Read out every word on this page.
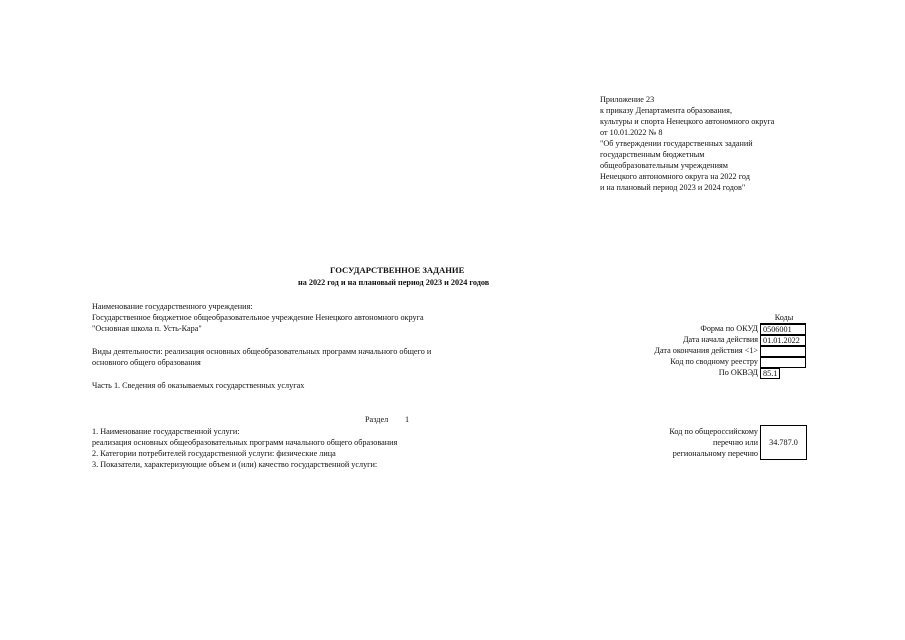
Приложение 23
к приказу Департамента образования,
культуры и спорта Ненецкого автономного округа
от 10.01.2022 № 8
"Об утверждении государственных заданий
государственным бюджетным
общеобразовательным учреждениям
Ненецкого автономного округа на 2022 год
и на плановый период 2023 и 2024 годов"
ГОСУДАРСТВЕННОЕ ЗАДАНИЕ
на 2022 год и на плановый период 2023 и 2024 годов
Наименование государственного учреждения:
Государственное бюджетное общеобразовательное учреждение Ненецкого автономного округа
"Основная школа п. Усть-Кара"
Виды деятельности: реализация основных общеобразовательных программ начального общего и
основного общего образования
Часть 1. Сведения об оказываемых государственных услугах
Коды
Форма по ОКУД 0506001
Дата начала действия 01.01.2022
Дата окончания действия <1>
Код по сводному реестру
По ОКВЭД 85.1
Раздел 1
1. Наименование государственной услуги:
реализация основных общеобразовательных программ начального общего образования
2. Категории потребителей государственной услуги: физические лица
3. Показатели, характеризующие объем и (или) качество государственной услуги:
Код по общероссийскому
перечню или
региональному перечню
34.787.0
